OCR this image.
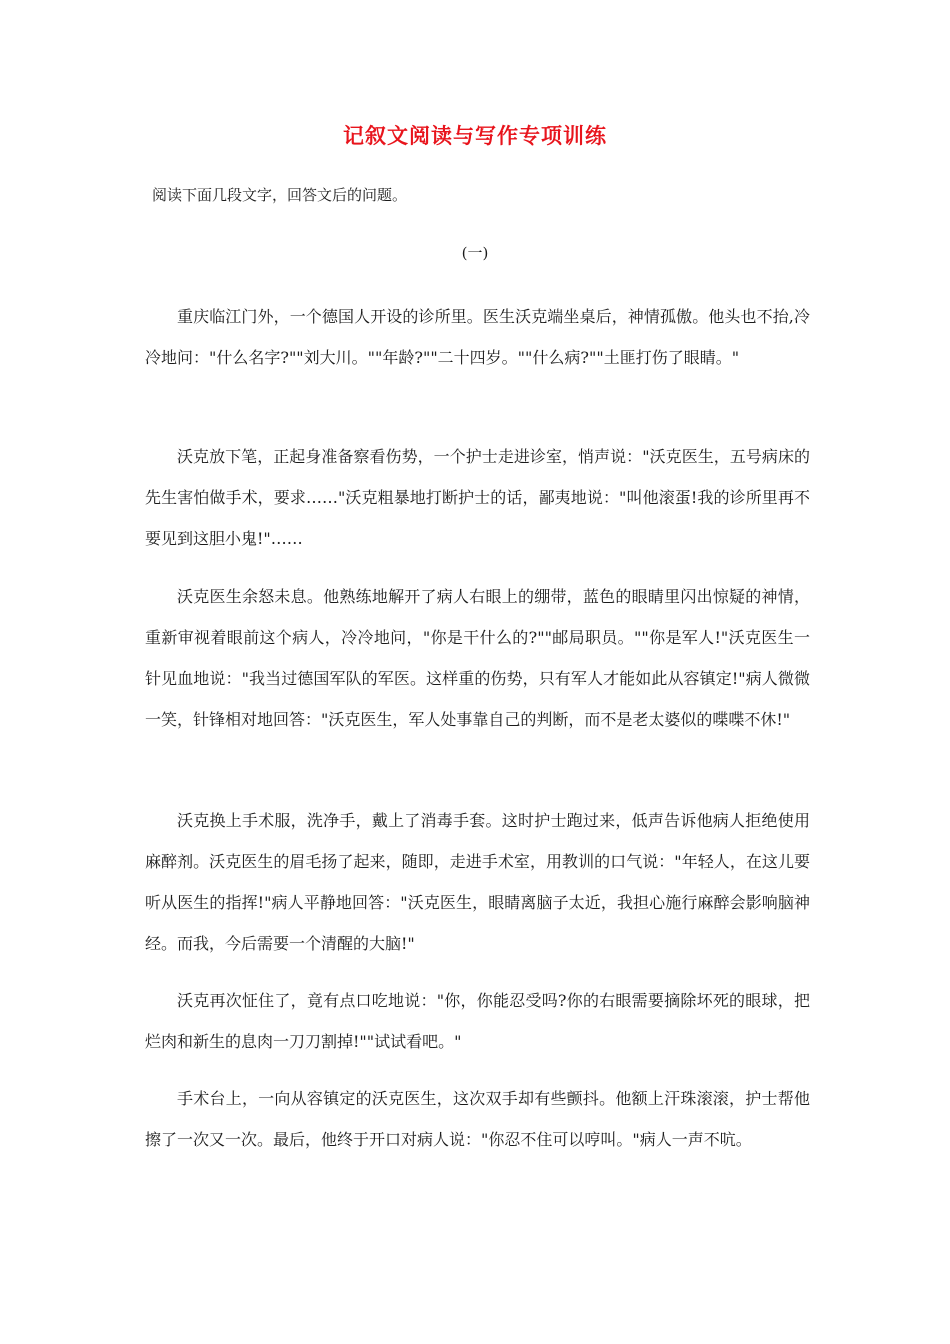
记叙文阅读与写作专项训练
阅读下面几段文字，回答文后的问题。
(一)

重庆临江门外，一个德国人开设的诊所里。医生沃克端坐桌后，神情孤傲。他头也不抬,冷冷地问："什么名字?""刘大川。""年龄?""二十四岁。""什么病?""土匪打伤了眼睛。"

沃克放下笔，正起身准备察看伤势，一个护士走进诊室，悄声说："沃克医生，五号病床的先生害怕做手术，要求……"沃克粗暴地打断护士的话，鄙夷地说："叫他滚蛋!我的诊所里再不要见到这胆小鬼!"……

沃克医生余怒未息。他熟练地解开了病人右眼上的绷带，蓝色的眼睛里闪出惊疑的神情，重新审视着眼前这个病人，冷冷地问，"你是干什么的?""邮局职员。""你是军人!"沃克医生一针见血地说："我当过德国军队的军医。这样重的伤势，只有军人才能如此从容镇定!"病人微微一笑，针锋相对地回答："沃克医生，军人处事靠自己的判断，而不是老太婆似的喋喋不休!"

沃克换上手术服，洗净手，戴上了消毒手套。这时护士跑过来，低声告诉他病人拒绝使用麻醉剂。沃克医生的眉毛扬了起来，随即，走进手术室，用教训的口气说："年轻人，在这儿要听从医生的指挥!"病人平静地回答："沃克医生，眼睛离脑子太近，我担心施行麻醉会影响脑神经。而我，今后需要一个清醒的大脑!"

沃克再次怔住了，竟有点口吃地说："你，你能忍受吗?你的右眼需要摘除坏死的眼球，把烂肉和新生的息肉一刀刀割掉!""试试看吧。"

手术台上，一向从容镇定的沃克医生，这次双手却有些颤抖。他额上汗珠滚滚，护士帮他擦了一次又一次。最后，他终于开口对病人说："你忍不住可以哼叫。"病人一声不吭。
